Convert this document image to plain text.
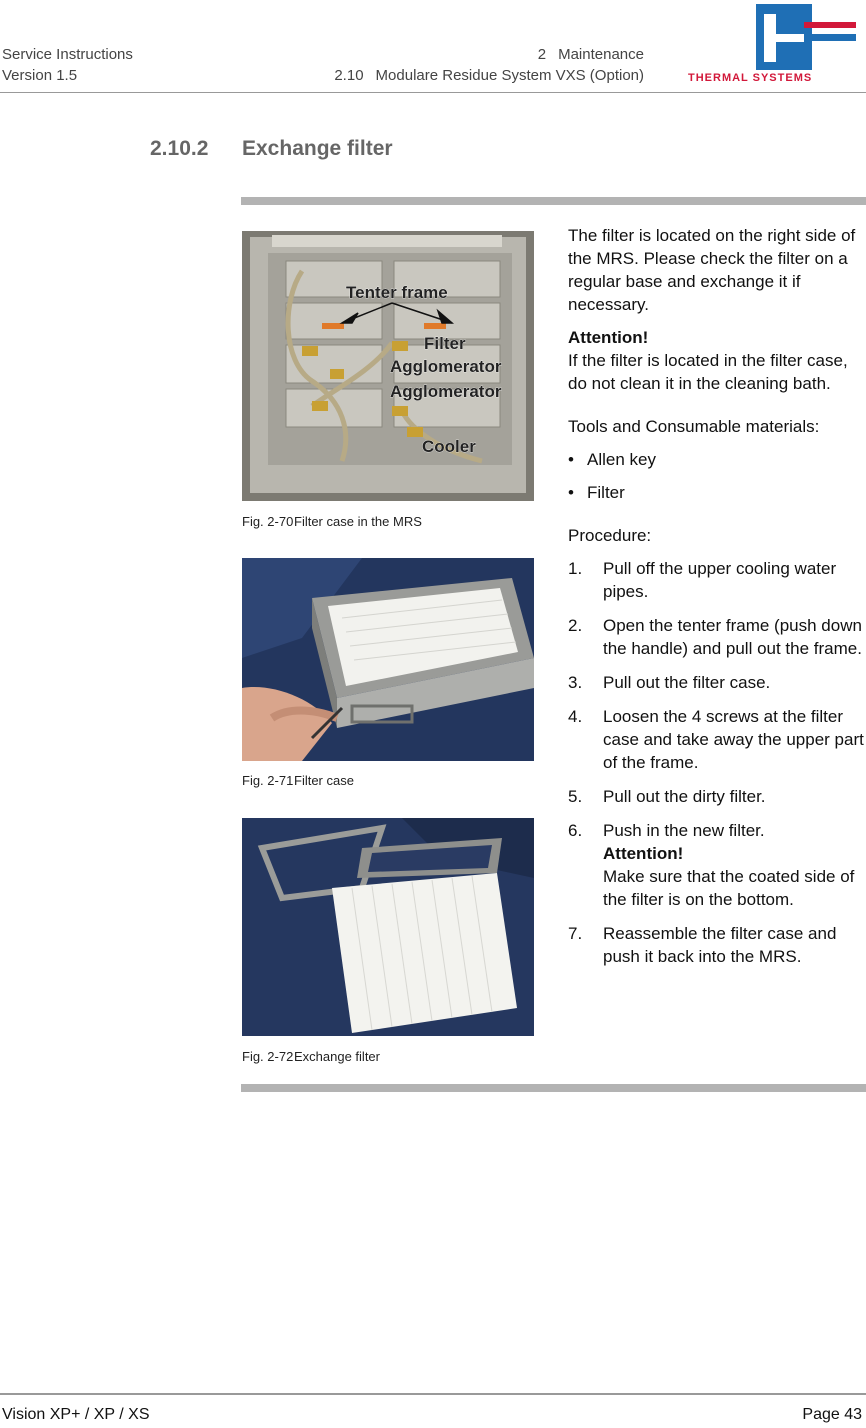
Service Instructions
Version 1.5
2 Maintenance
2.10 Modulare Residue System VXS (Option)	THERMAL SYSTEMS
2.10.2 Exchange filter
Tenter frame
Filter
Agglomerator
Agglomerator
Cooler
Fig. 2-70Filter case in the MRS
Fig. 2-71Filter case
Fig. 2-72Exchange filter

The filter is located on the right side of the MRS. Please check the filter on a regular base and exchange it if necessary.

Attention!
If the filter is located in the filter case, do not clean it in the cleaning bath.

Tools and Consumable materials:

• Allen key
• Filter

Procedure:

1.	Pull off the upper cooling water pipes.
2.	Open the tenter frame (push down the handle) and pull out the frame.
3.	Pull out the filter case.
4.	Loosen the 4 screws at the filter case and take away the upper part of the frame.
5.	Pull out the dirty filter.
6.	Push in the new filter.
Attention!
Make sure that the coated side of the filter is on the bottom.
7.	Reassemble the filter case and push it back into the MRS.
Vision XP+ / XP / XS	Page 43
